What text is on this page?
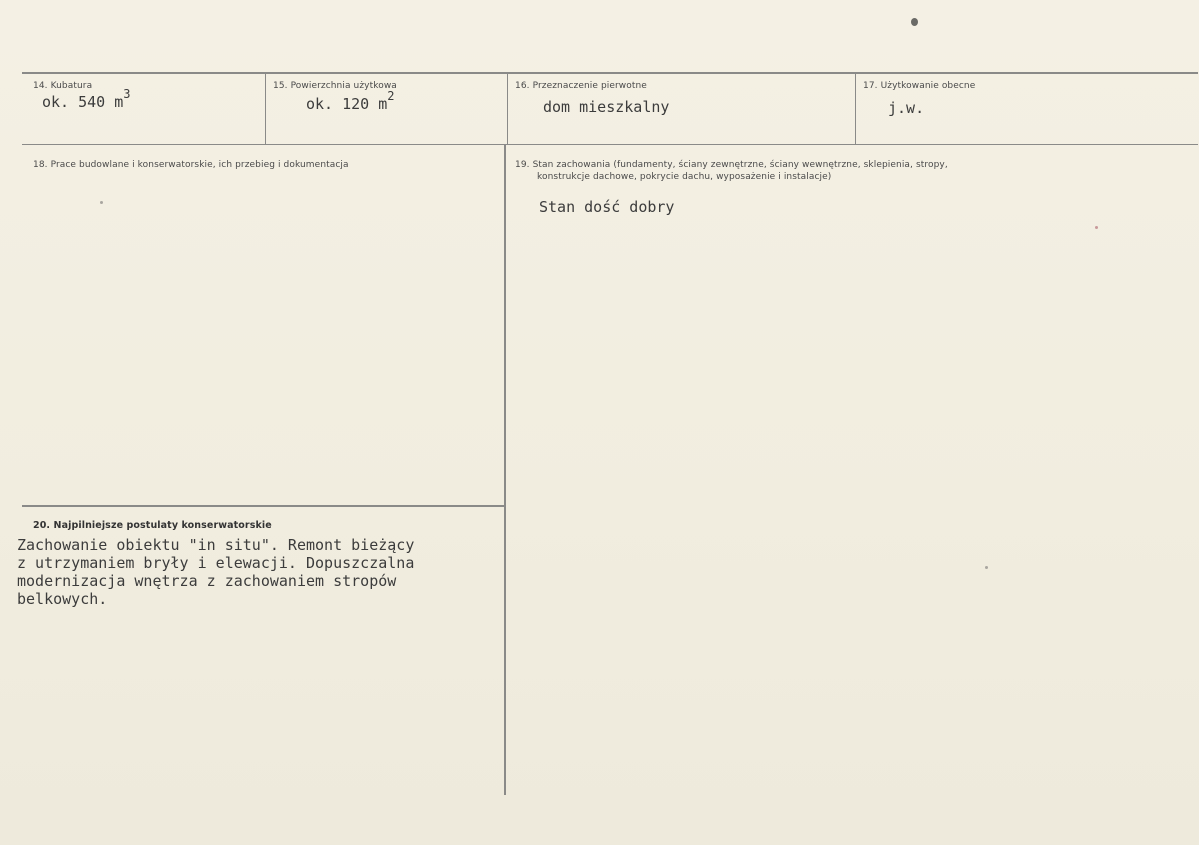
14. Kubatura
ok. 540 $m^3$
15. Powierzchnia użytkowa
ok. 120 $m^2$
16. Przeznaczenie pierwotne
dom mieszkalny
17. Użytkowanie obecne
j.w.
18. Prace budowlane i konserwatorskie, ich przebieg i dokumentacja	19. Stan zachowania (fundamenty, ściany zewnętrzne, ściany wewnętrzne, sklepienia, stropy,
konstrukcje dachowe, pokrycie dachu, wyposażenie i instalacje)
Stan dość dobry
20. Najpilniejsze postulaty konserwatorskie
Zachowanie obiektu "in situ". Remont bieżący
z utrzymaniem bryły i elewacji. Dopuszczalna
modernizacja wnętrza z zachowaniem stropów
belkowych.
